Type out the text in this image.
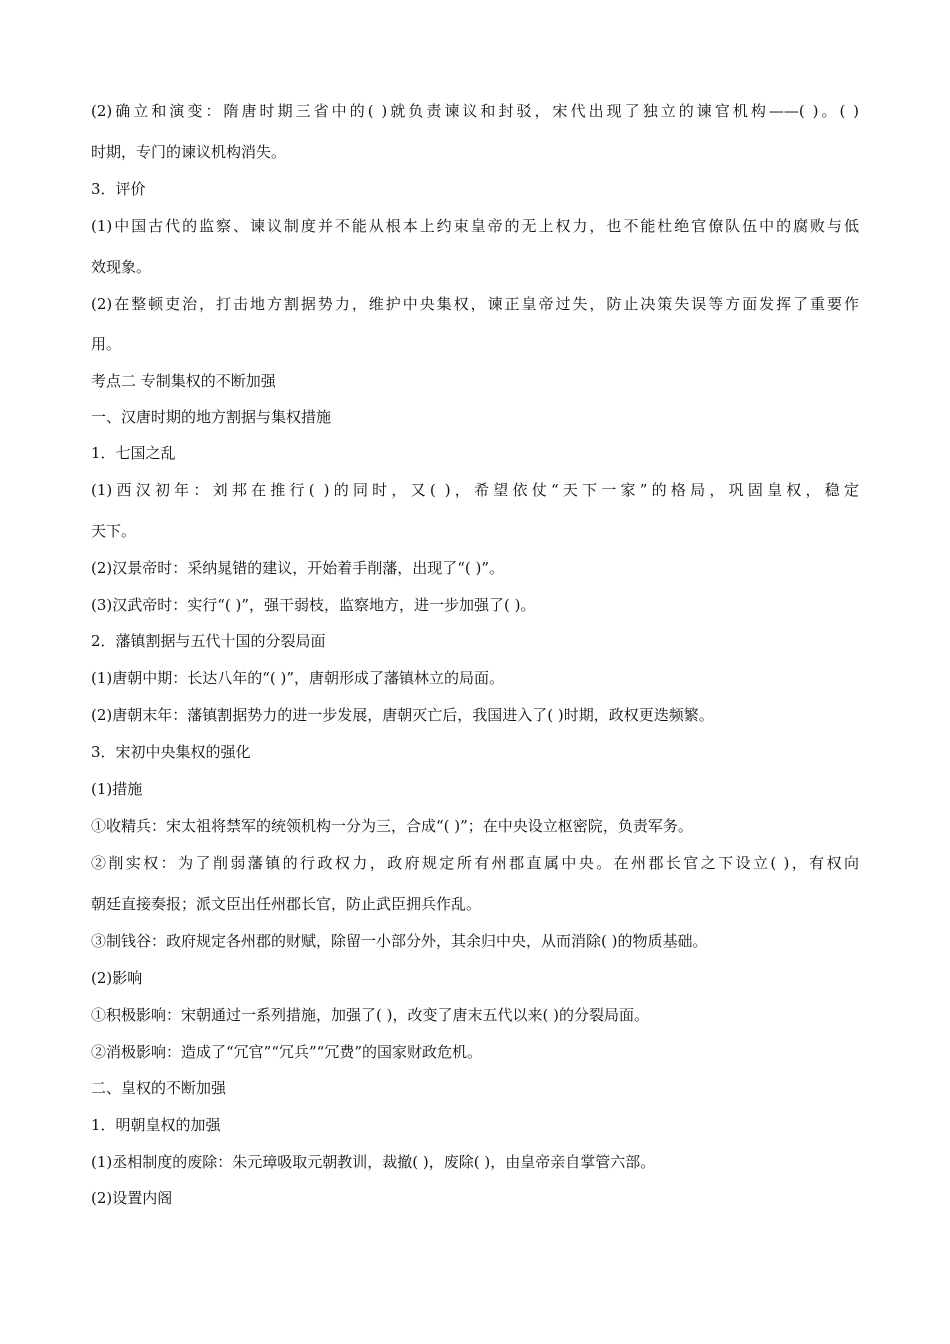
(2)确立和演变：隋唐时期三省中的( )就负责谏议和封驳，宋代出现了独立的谏官机构——( )。( )
时期，专门的谏议机构消失。
3．评价
(1)中国古代的监察、谏议制度并不能从根本上约束皇帝的无上权力，也不能杜绝官僚队伍中的腐败与低
效现象。
(2)在整顿吏治，打击地方割据势力，维护中央集权，谏正皇帝过失，防止决策失误等方面发挥了重要作
用。
考点二 专制集权的不断加强
一、汉唐时期的地方割据与集权措施
1．七国之乱
(1)西汉初年：刘邦在推行( )的同时，又( )，希望依仗“天下一家”的格局，巩固皇权，稳定
天下。
(2)汉景帝时：采纳晁错的建议，开始着手削藩，出现了“( )”。
(3)汉武帝时：实行“( )”，强干弱枝，监察地方，进一步加强了( )。
2．藩镇割据与五代十国的分裂局面
(1)唐朝中期：长达八年的“( )”，唐朝形成了藩镇林立的局面。
(2)唐朝末年：藩镇割据势力的进一步发展，唐朝灭亡后，我国进入了( )时期，政权更迭频繁。
3．宋初中央集权的强化
(1)措施
①收精兵：宋太祖将禁军的统领机构一分为三，合成“( )”；在中央设立枢密院，负责军务。
②削实权：为了削弱藩镇的行政权力，政府规定所有州郡直属中央。在州郡长官之下设立( )，有权向
朝廷直接奏报；派文臣出任州郡长官，防止武臣拥兵作乱。
③制钱谷：政府规定各州郡的财赋，除留一小部分外，其余归中央，从而消除( )的物质基础。
(2)影响
①积极影响：宋朝通过一系列措施，加强了( )，改变了唐末五代以来( )的分裂局面。
②消极影响：造成了“冗官”“冗兵”“冗费”的国家财政危机。
二、皇权的不断加强
1．明朝皇权的加强
(1)丞相制度的废除：朱元璋吸取元朝教训，裁撤( )，废除( )，由皇帝亲自掌管六部。
(2)设置内阁
